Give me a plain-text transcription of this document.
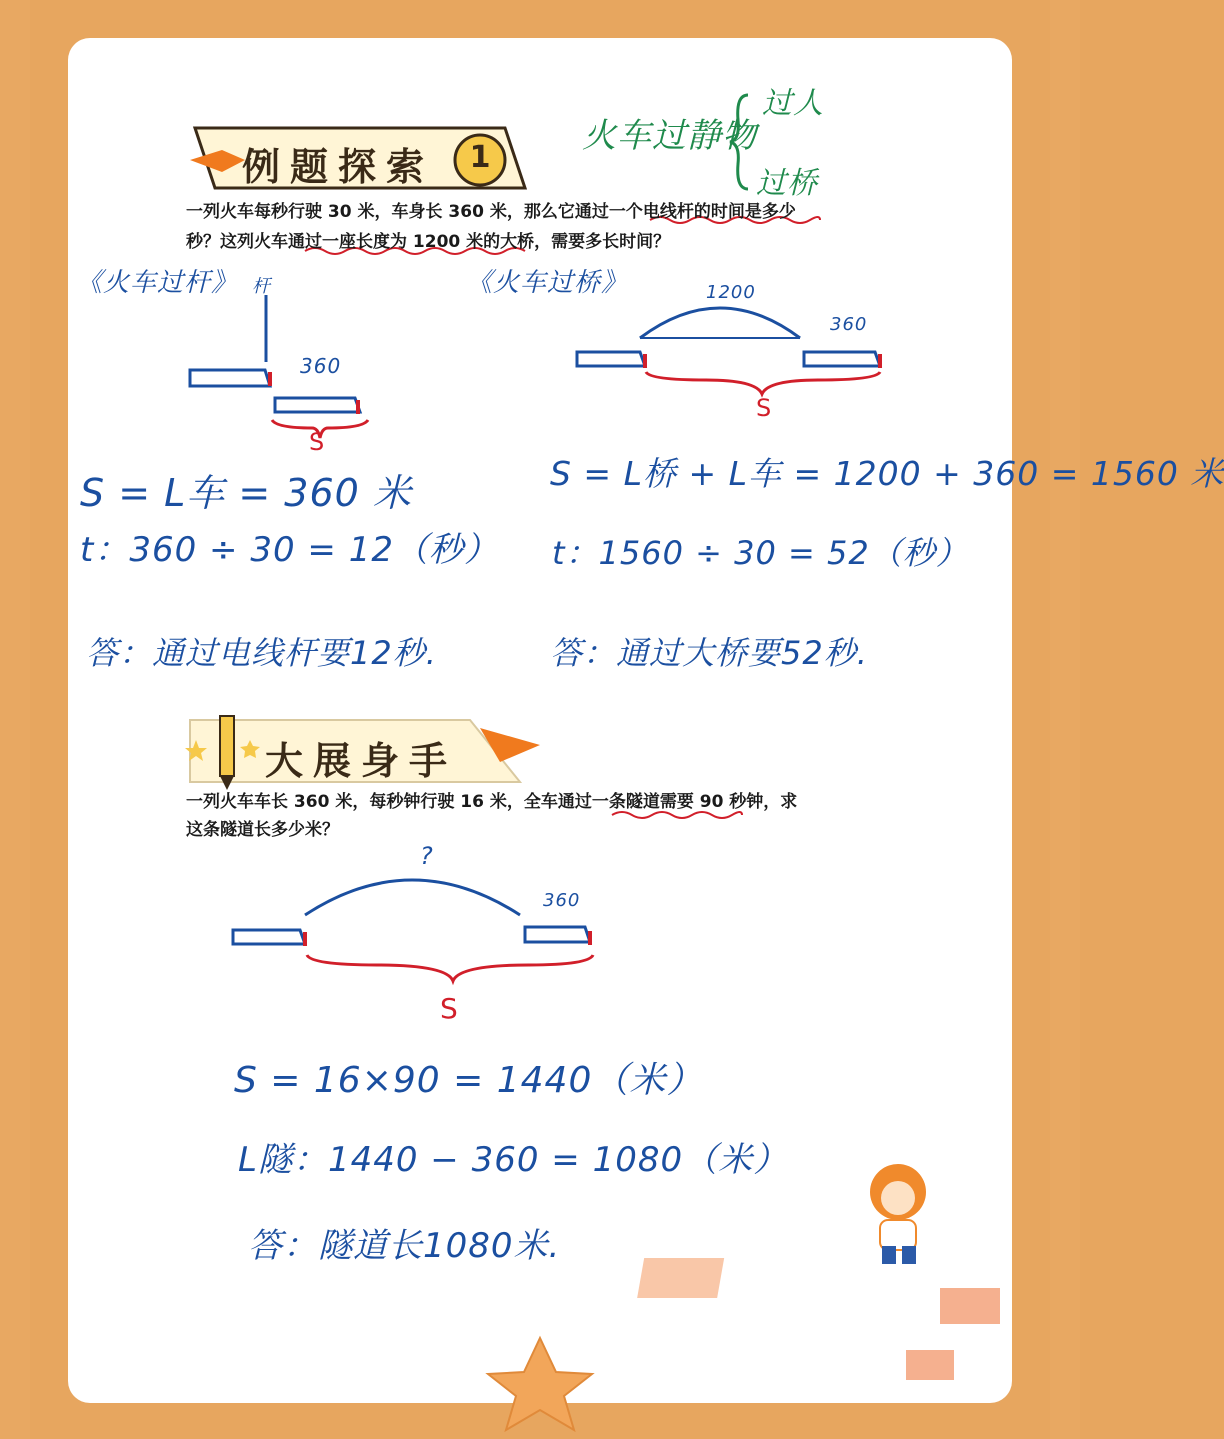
例题探索 1
火车过静物
过人
过桥
一列火车每秒行驶 30 米，车身长 360 米，那么它通过一个电线杆的时间是多少
秒？这列火车通过一座长度为 1200 米的大桥，需要多长时间？
《火车过杆》 杆
360
S
S = L车 = 360 米
t：360 ÷ 30 = 12（秒）
答：通过电线杆要12秒.
《火车过桥》	1200
360
S
S = L桥 + L车 = 1200 + 360 = 1560 米
t：1560 ÷ 30 = 52（秒）
答：通过大桥要52秒.
大展身手
一列火车车长 360 米，每秒钟行驶 16 米，全车通过一条隧道需要 90 秒钟，求
这条隧道长多少米？
?
360
S
S = 16×90 = 1440（米）
L隧：1440 − 360 = 1080（米）
答：隧道长1080米.
